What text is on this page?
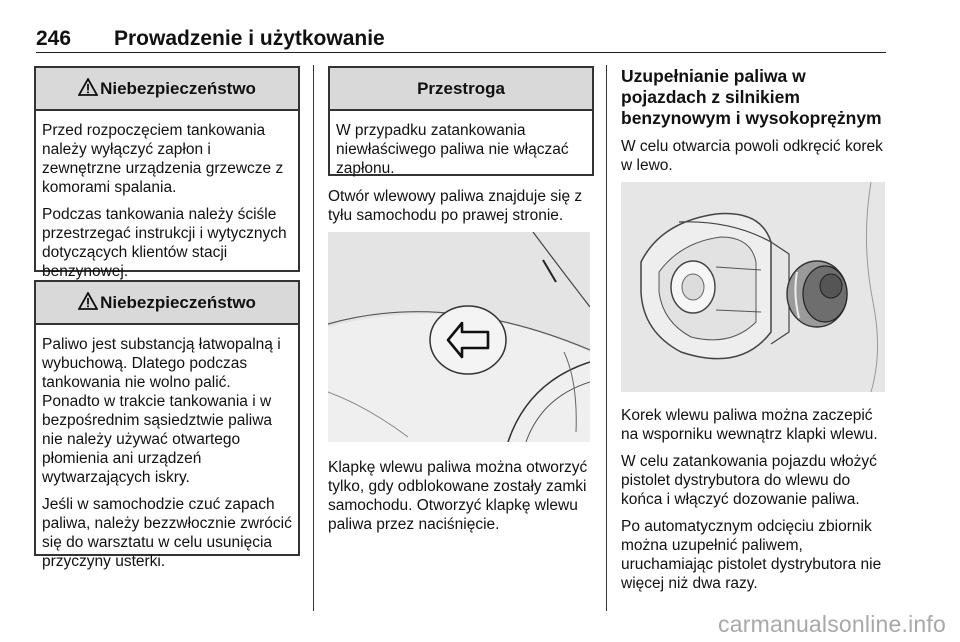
246 Prowadzenie i użytkowanie
Niebezpieczeństwo

Przed rozpoczęciem tankowania należy wyłączyć zapłon i zewnętrzne urządzenia grzewcze z komorami spalania.

Podczas tankowania należy ściśle przestrzegać instrukcji i wytycznych dotyczących klientów stacji benzynowej.

Niebezpieczeństwo

Paliwo jest substancją łatwopalną i wybuchową. Dlatego podczas tankowania nie wolno palić. Ponadto w trakcie tankowania i w bezpośrednim sąsiedztwie paliwa nie należy używać otwartego płomienia ani urządzeń wytwarzających iskry.

Jeśli w samochodzie czuć zapach paliwa, należy bezzwłocznie zwrócić się do warsztatu w celu usunięcia przyczyny usterki.

Przestroga

W przypadku zatankowania niewłaściwego paliwa nie włączać zapłonu.

Otwór wlewowy paliwa znajduje się z tyłu samochodu po prawej stronie.

Klapkę wlewu paliwa można otworzyć tylko, gdy odblokowane zostały zamki samochodu. Otworzyć klapkę wlewu paliwa przez naciśnięcie.

Uzupełnianie paliwa w pojazdach z silnikiem benzynowym i wysokoprężnym

W celu otwarcia powoli odkręcić korek w lewo.

Korek wlewu paliwa można zaczepić na wsporniku wewnątrz klapki wlewu.

W celu zatankowania pojazdu włożyć pistolet dystrybutora do wlewu do końca i włączyć dozowanie paliwa.

Po automatycznym odcięciu zbiornik można uzupełnić paliwem, uruchamiając pistolet dystrybutora nie więcej niż dwa razy.

carmanualsonline.info
